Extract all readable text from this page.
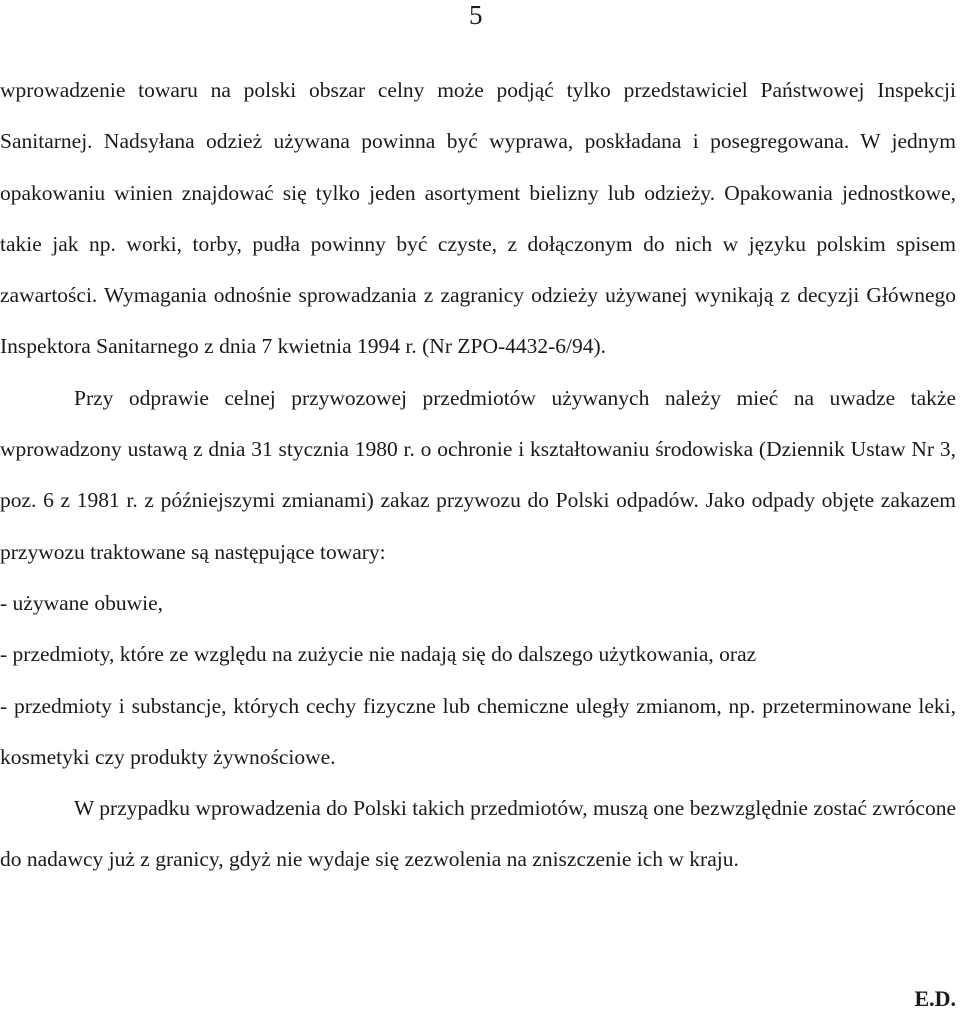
5

wprowadzenie towaru na polski obszar celny może podjąć tylko przedstawiciel Państwowej Inspekcji Sanitarnej. Nadsyłana odzież używana powinna być wyprawa, poskładana i posegregowana. W jednym opakowaniu winien znajdować się tylko jeden asortyment bielizny lub odzieży. Opakowania jednostkowe, takie jak np. worki, torby, pudła powinny być czyste, z dołączonym do nich w języku polskim spisem zawartości. Wymagania odnośnie sprowadzania z zagranicy odzieży używanej wynikają z decyzji Głównego Inspektora Sanitarnego z dnia 7 kwietnia 1994 r. (Nr ZPO-4432-6/94).

Przy odprawie celnej przywozowej przedmiotów używanych należy mieć na uwadze także wprowadzony ustawą z dnia 31 stycznia 1980 r. o ochronie i kształtowaniu środowiska (Dziennik Ustaw Nr 3, poz. 6 z 1981 r. z późniejszymi zmianami) zakaz przywozu do Polski odpadów. Jako odpady objęte zakazem przywozu traktowane są następujące towary:

- używane obuwie,

- przedmioty, które ze względu na zużycie nie nadają się do dalszego użytkowania, oraz

- przedmioty i substancje, których cechy fizyczne lub chemiczne uległy zmianom, np. przeterminowane leki, kosmetyki czy produkty żywnościowe.

W przypadku wprowadzenia do Polski takich przedmiotów, muszą one bezwzględnie zostać zwrócone do nadawcy już z granicy, gdyż nie wydaje się zezwolenia na zniszczenie ich w kraju.

E.D.
